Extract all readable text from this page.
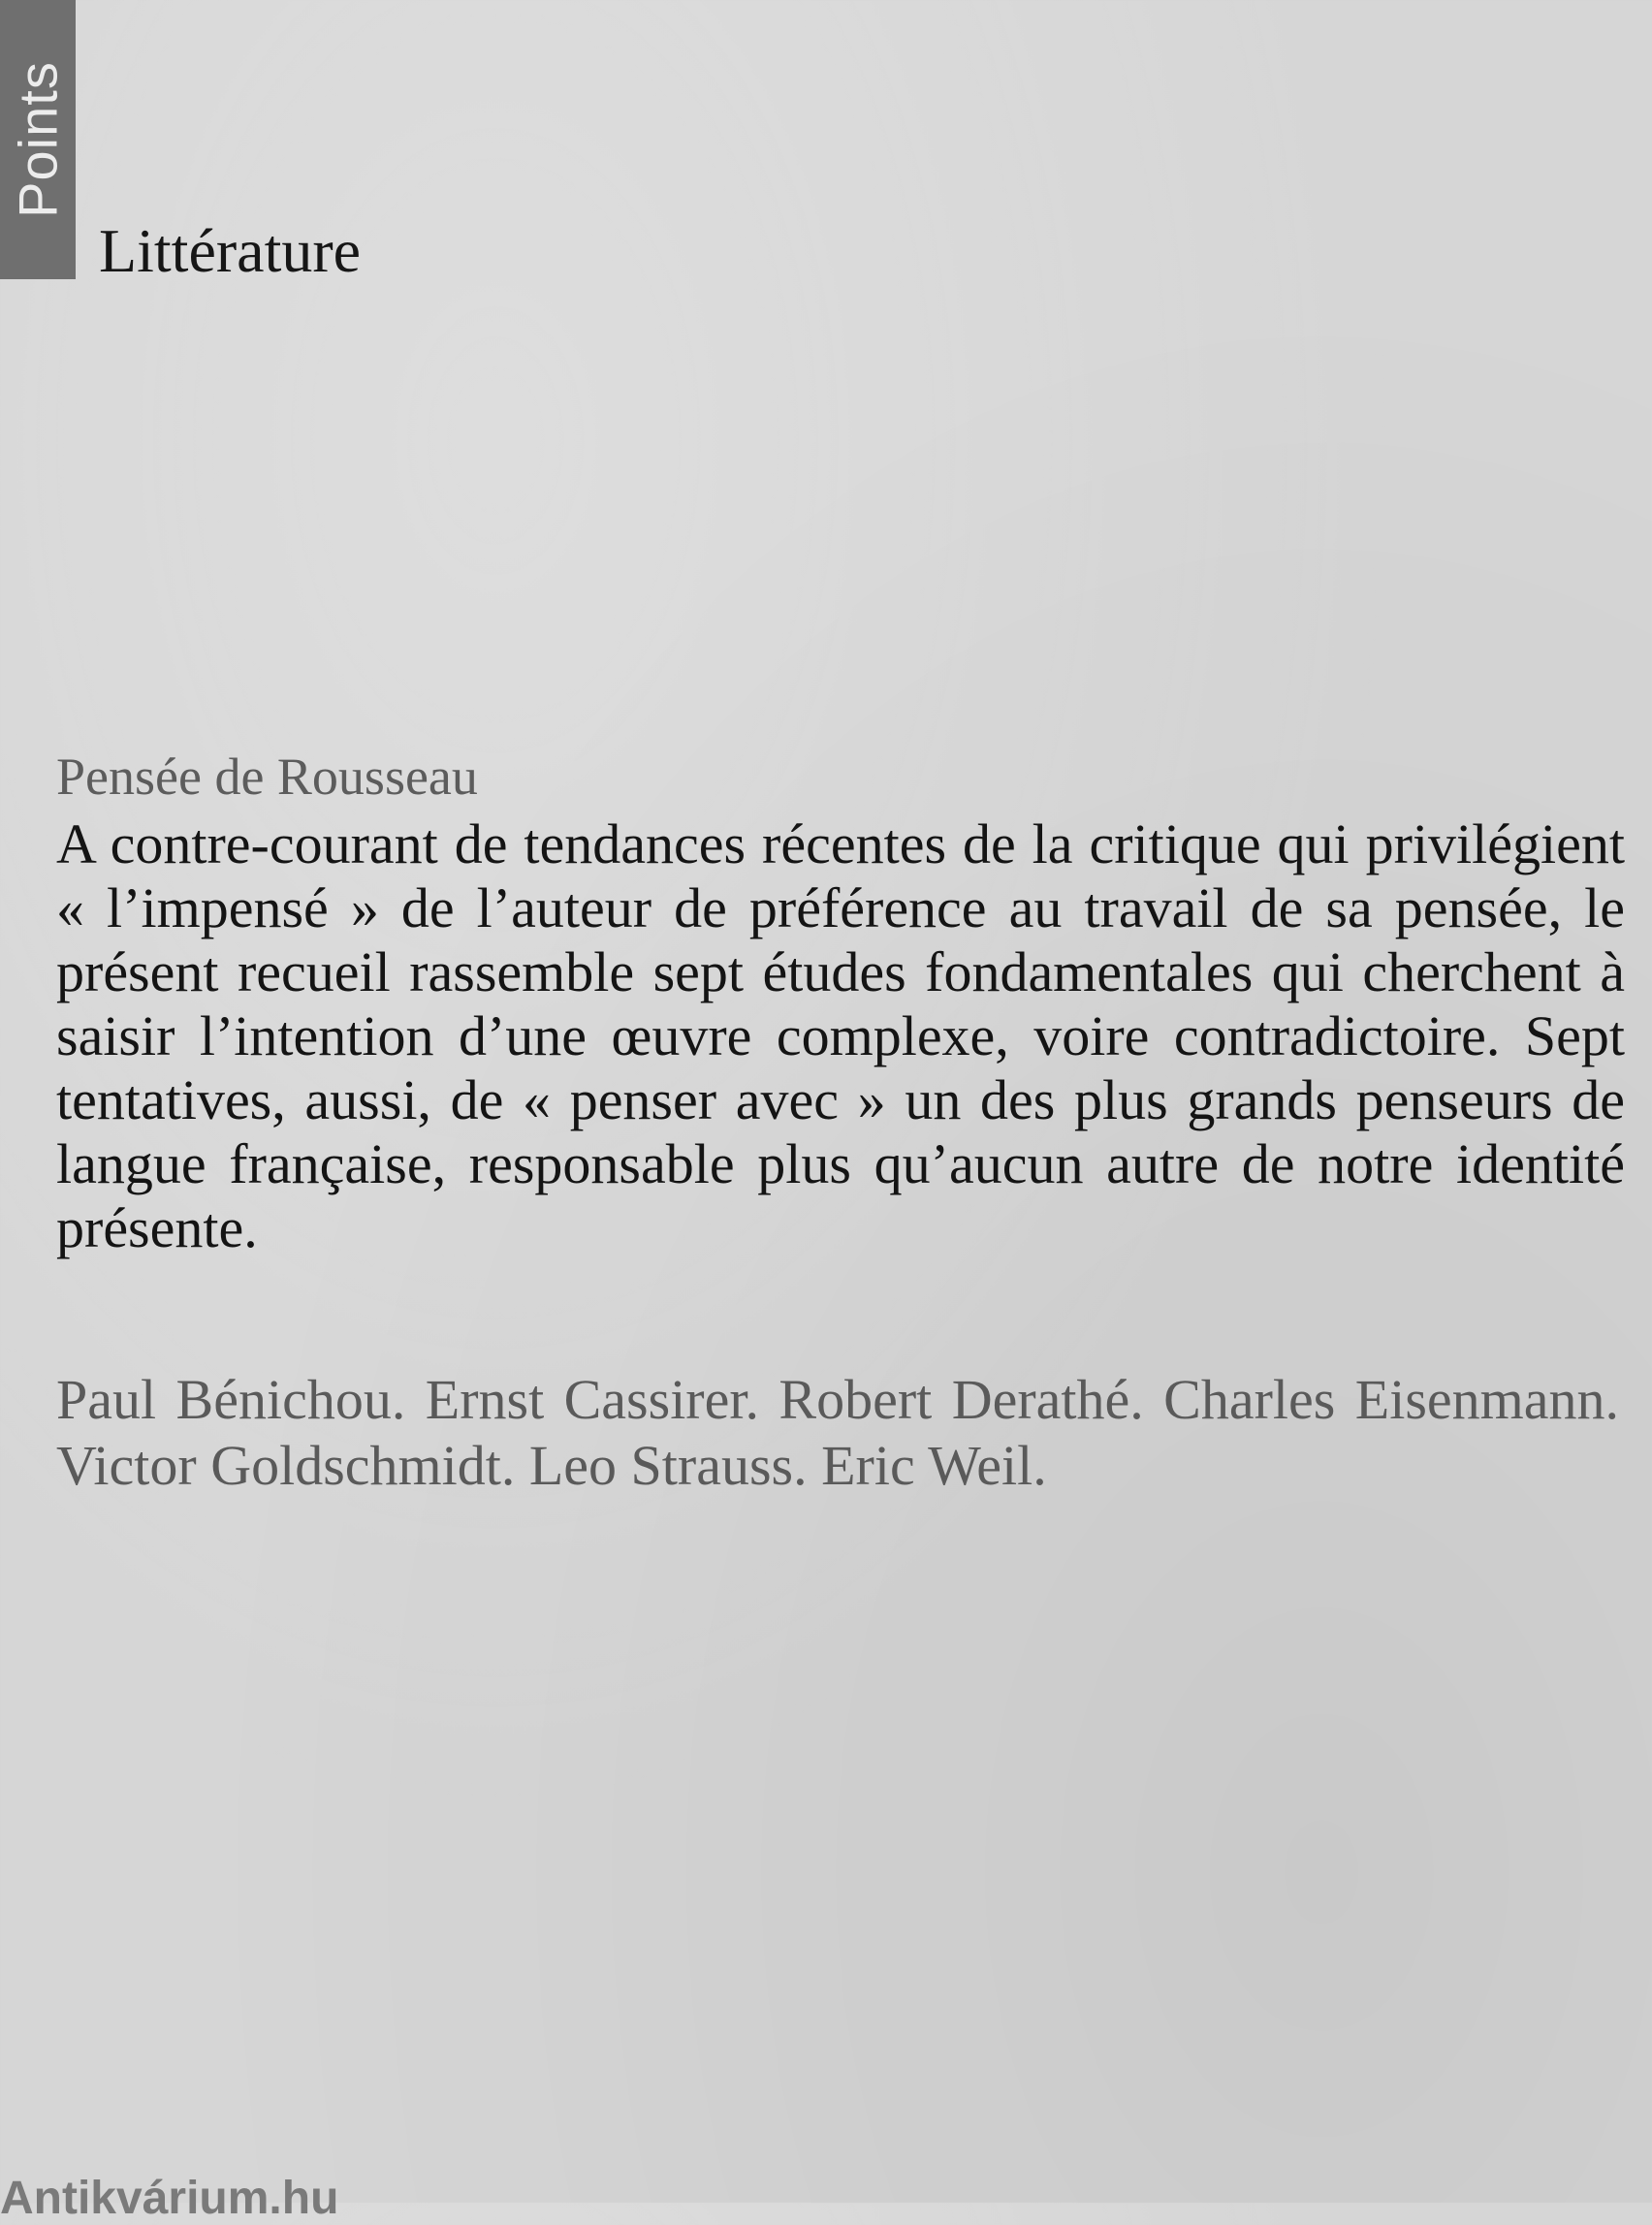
Points
Littérature
Pensée de Rousseau

A contre-courant de tendances récentes de la critique qui privilégient « l’impensé » de l’auteur de préférence au travail de sa pensée, le présent recueil rassemble sept études fondamentales qui cherchent à saisir l’intention d’une œuvre complexe, voire contradictoire. Sept tentatives, aussi, de « penser avec » un des plus grands penseurs de langue française, responsable plus qu’aucun autre de notre identité présente.

Paul Bénichou. Ernst Cassirer. Robert Derathé. Charles Eisenmann. Victor Goldschmidt. Leo Strauss. Eric Weil.

Antikvárium.hu
